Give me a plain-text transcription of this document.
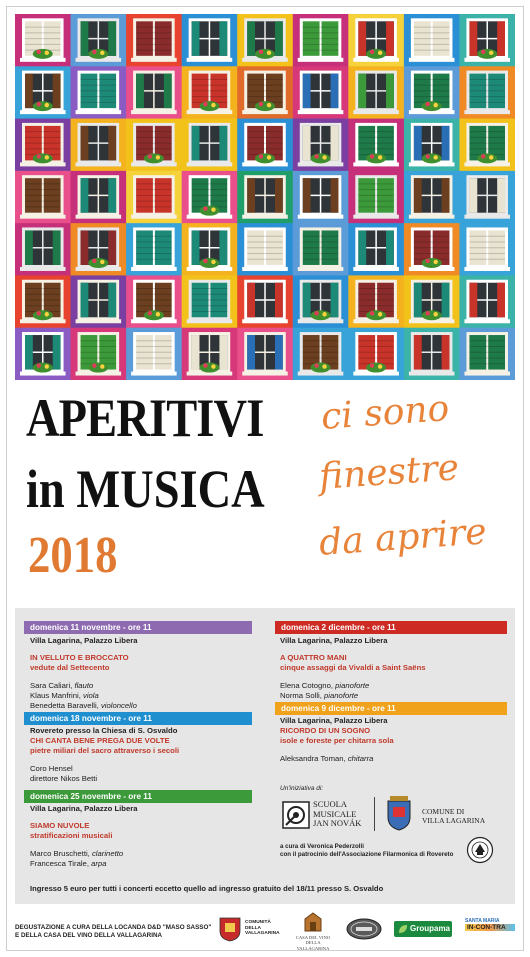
APERITIVI
in MUSICA
2018
ci sono
finestre
da aprire
domenica 11 novembre - ore 11
Villa Lagarina, Palazzo Libera
IN VELLUTO E BROCCATO
vedute dal Settecento
Sara Caliari, flauto
Klaus Manfrini, viola
Benedetta Baravelli, violoncello
domenica 18 novembre - ore 11
Rovereto presso la Chiesa di S. Osvaldo
CHI CANTA BENE PREGA DUE VOLTE
pietre miliari del sacro attraverso i secoli
Coro Hensel
direttore Nikos Betti
domenica 25 novembre - ore 11
Villa Lagarina, Palazzo Libera
SIAMO NUVOLE
stratificazioni musicali
Marco Bruschetti, clarinetto
Francesca Tirale, arpa
domenica 2 dicembre - ore 11
Villa Lagarina, Palazzo Libera
A QUATTRO MANI
cinque assaggi da Vivaldi a Saint Saëns
Elena Cotogno, pianoforte
Norma Solli, pianoforte
domenica 9 dicembre - ore 11
Villa Lagarina, Palazzo Libera
RICORDO DI UN SOGNO
isole e foreste per chitarra sola
Aleksandra Toman, chitarra
Un'iniziativa di:
SCUOLA
MUSICALE
JAN NOVÁK
COMUNE DI
VILLA LAGARINA
a cura di Veronica Pederzolli
con il patrocinio dell'Associazione Filarmonica di Rovereto
Ingresso 5 euro per tutti i concerti eccetto quello ad ingresso gratuito del 18/11 presso S. Osvaldo
DEGUSTAZIONE A CURA DELLA LOCANDA D&D "MASO SASSO"
E DELLA CASA DEL VINO DELLA VALLAGARINA
COMUNITÀ
DELLA
VALLAGARINA
CASA DEL VINO
DELLA VALLAGARINA
Groupama
SANTA MARIA
IN-CON-TRA
